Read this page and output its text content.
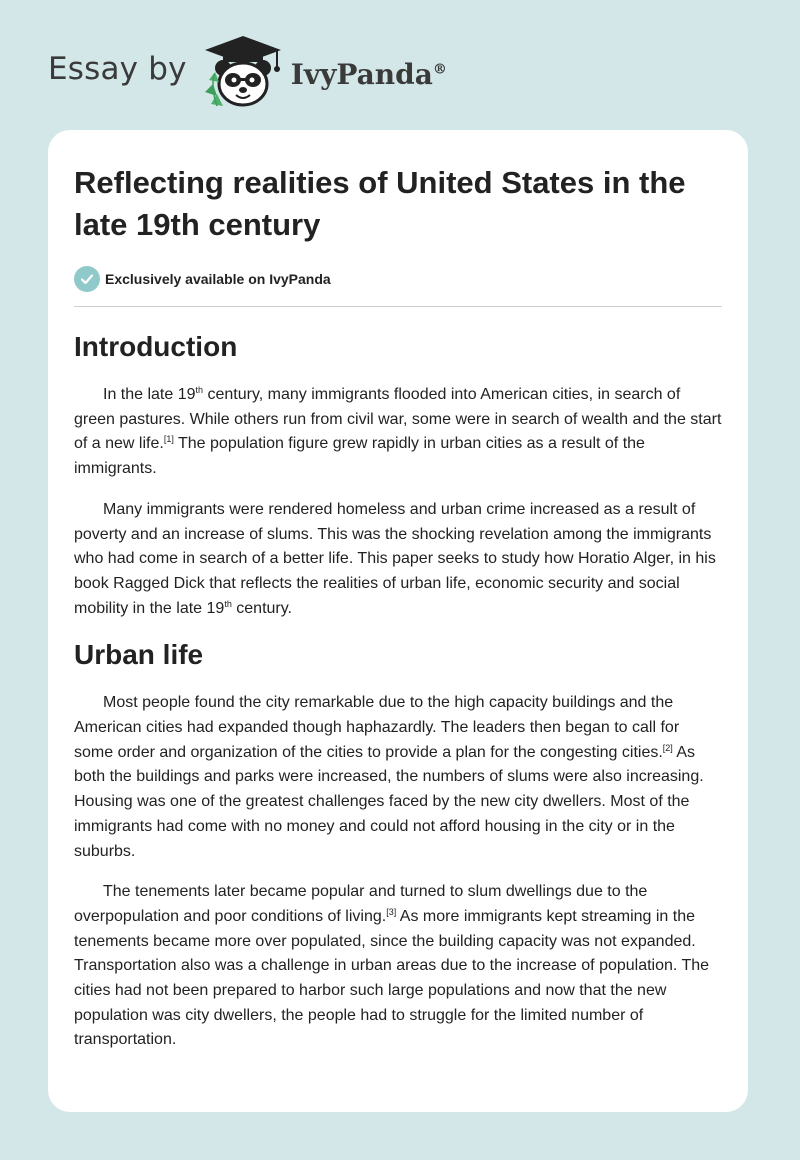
Essay by	IvyPanda®
Reflecting realities of United States in the late 19th century
Exclusively available on IvyPanda
Introduction

In the late 19th century, many immigrants flooded into American cities, in search of green pastures. While others run from civil war, some were in search of wealth and the start of a new life.[1] The population figure grew rapidly in urban cities as a result of the immigrants.

Many immigrants were rendered homeless and urban crime increased as a result of poverty and an increase of slums. This was the shocking revelation among the immigrants who had come in search of a better life. This paper seeks to study how Horatio Alger, in his book Ragged Dick that reflects the realities of urban life, economic security and social mobility in the late 19th century.

Urban life

Most people found the city remarkable due to the high capacity buildings and the American cities had expanded though haphazardly. The leaders then began to call for some order and organization of the cities to provide a plan for the congesting cities.[2] As both the buildings and parks were increased, the numbers of slums were also increasing. Housing was one of the greatest challenges faced by the new city dwellers. Most of the immigrants had come with no money and could not afford housing in the city or in the suburbs.

The tenements later became popular and turned to slum dwellings due to the overpopulation and poor conditions of living.[3] As more immigrants kept streaming in the tenements became more over populated, since the building capacity was not expanded. Transportation also was a challenge in urban areas due to the increase of population. The cities had not been prepared to harbor such large populations and now that the new population was city dwellers, the people had to struggle for the limited number of transportation.
